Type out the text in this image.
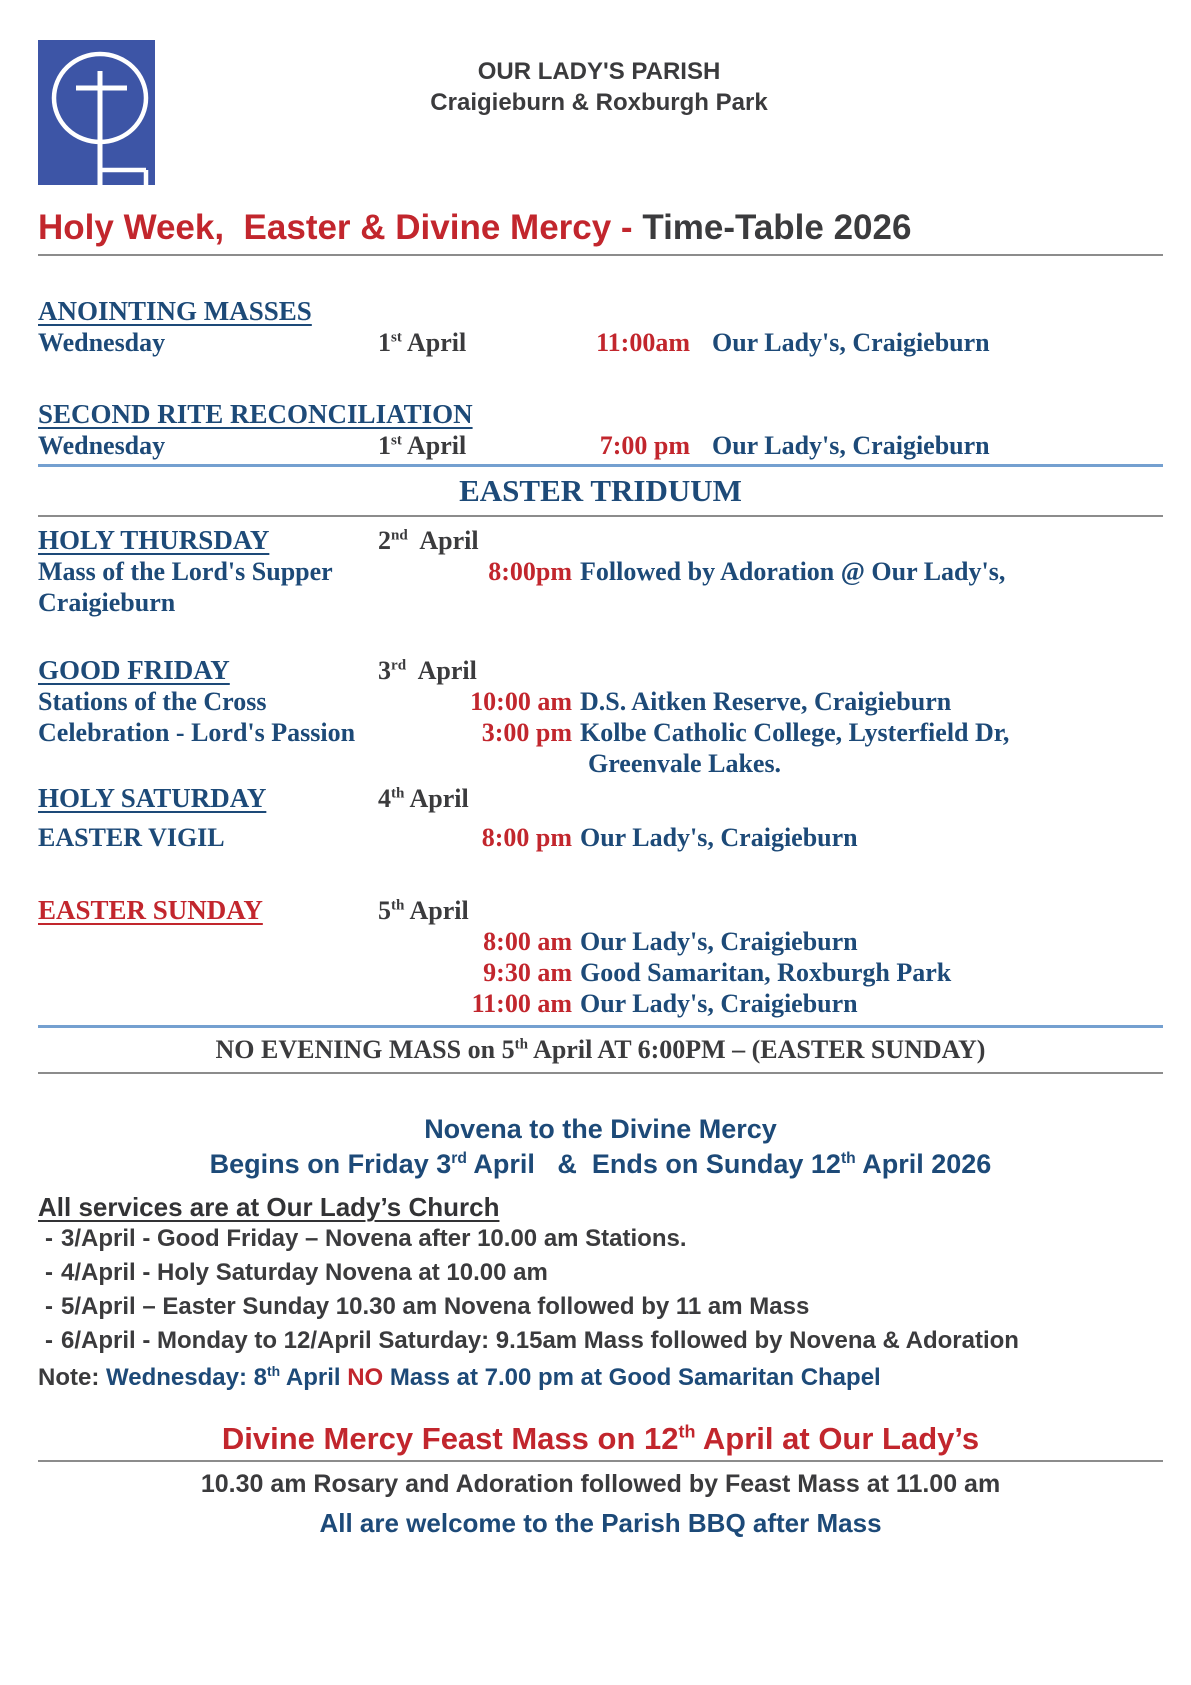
OUR LADY'S PARISH
Craigieburn & Roxburgh Park
Holy Week,  Easter & Divine Mercy - Time-Table 2026
ANOINTING MASSES
Wednesday	1st April	11:00am Our Lady's, Craigieburn
SECOND RITE RECONCILIATION
Wednesday	1st April	7:00 pm Our Lady's, Craigieburn
EASTER TRIDUUM
HOLY THURSDAY	2nd  April
Mass of the Lord's Supper	8:00pm Followed by Adoration @ Our Lady's,
Craigieburn
GOOD FRIDAY	3rd  April
Stations of the Cross	10:00 am D.S. Aitken Reserve, Craigieburn
Celebration - Lord's Passion	3:00 pm Kolbe Catholic College, Lysterfield Dr,
Greenvale Lakes.
HOLY SATURDAY	4th April
EASTER VIGIL	8:00 pm Our Lady's, Craigieburn
EASTER SUNDAY	5th April
8:00 am Our Lady's, Craigieburn
9:30 am Good Samaritan, Roxburgh Park
11:00 am Our Lady's, Craigieburn
NO EVENING MASS on 5th April AT 6:00PM – (EASTER SUNDAY)
Novena to the Divine Mercy
Begins on Friday 3rd April   &  Ends on Sunday 12th April 2026
All services are at Our Lady’s Church
- 3/April - Good Friday – Novena after 10.00 am Stations.
- 4/April - Holy Saturday Novena at 10.00 am
- 5/April – Easter Sunday 10.30 am Novena followed by 11 am Mass
- 6/April - Monday to 12/April Saturday: 9.15am Mass followed by Novena & Adoration
Note: Wednesday: 8th April NO Mass at 7.00 pm at Good Samaritan Chapel
Divine Mercy Feast Mass on 12th April at Our Lady’s
10.30 am Rosary and Adoration followed by Feast Mass at 11.00 am
All are welcome to the Parish BBQ after Mass
